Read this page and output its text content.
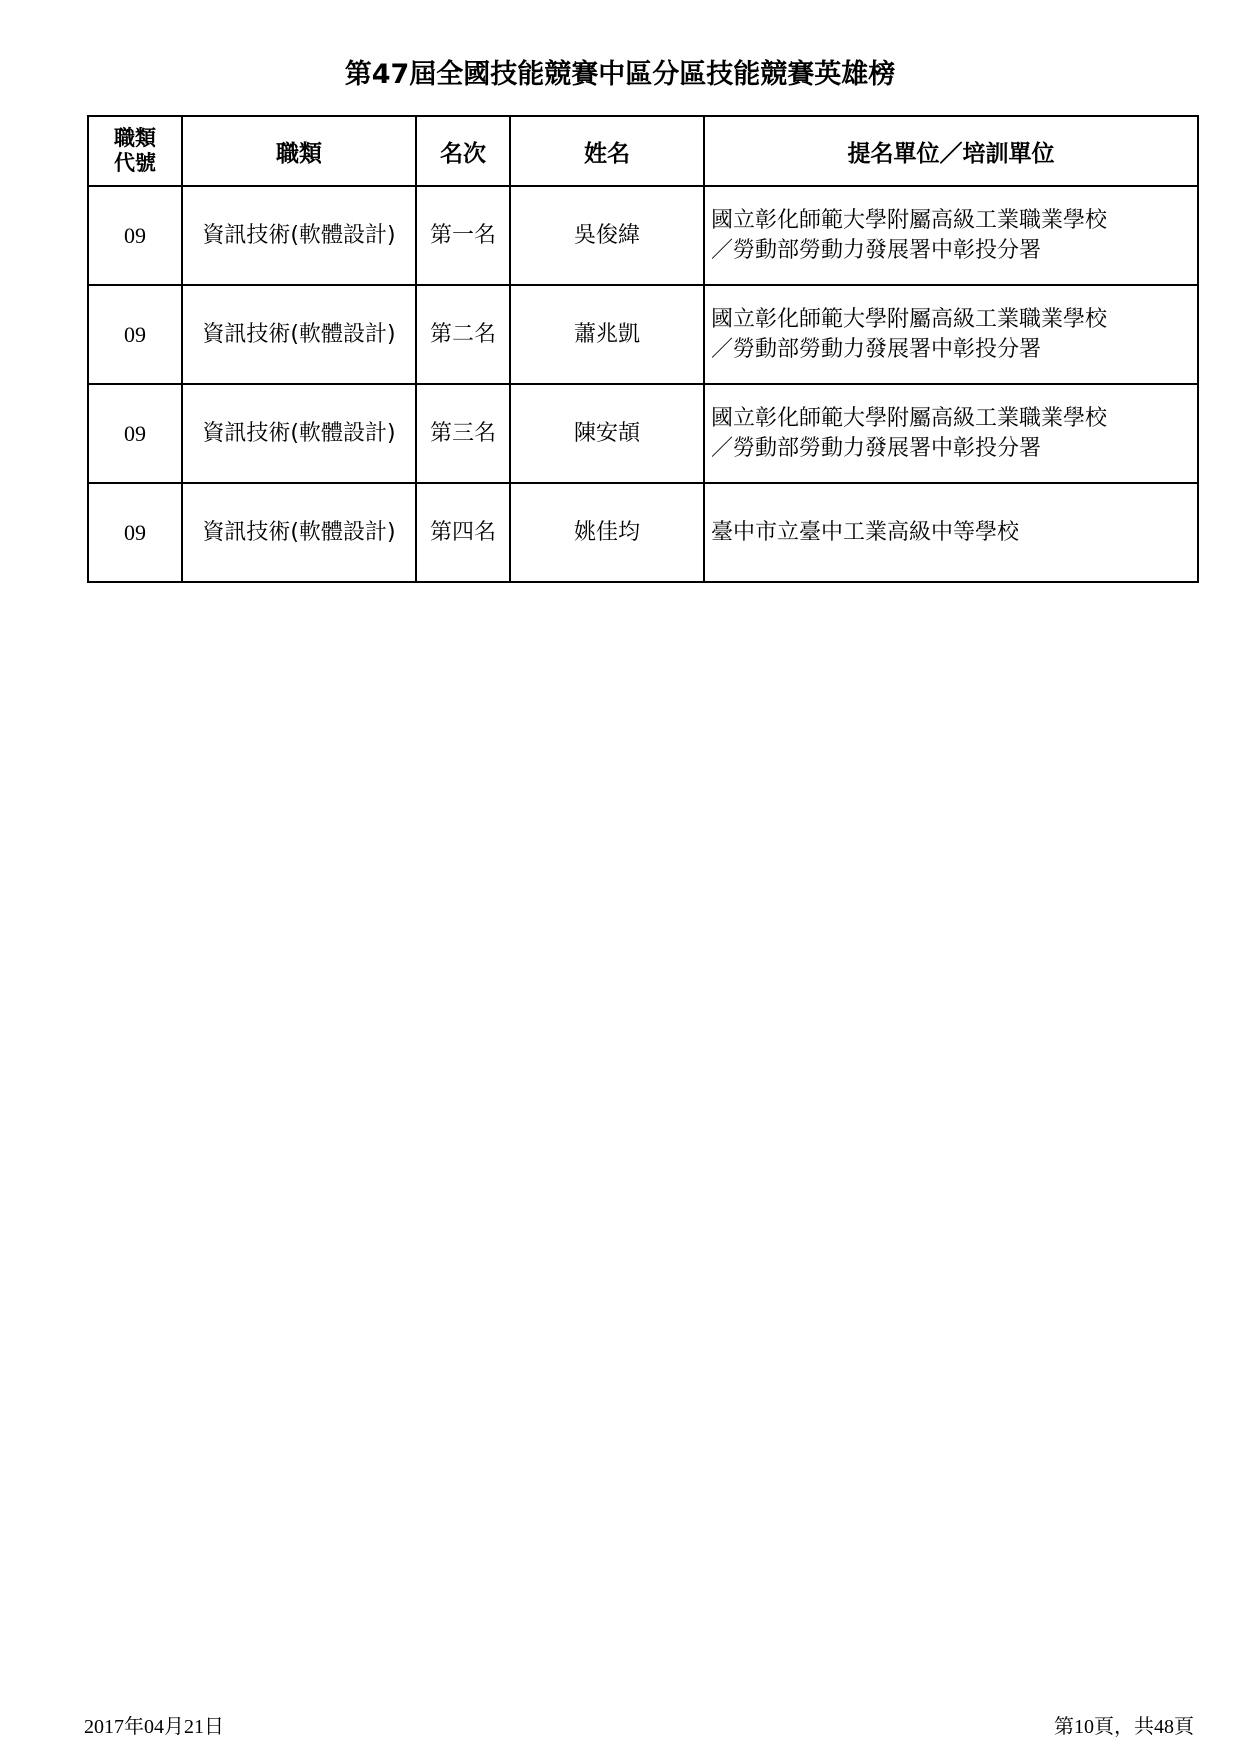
第47屆全國技能競賽中區分區技能競賽英雄榜
職類
代號	職類	名次	姓名	提名單位／培訓單位
09	資訊技術(軟體設計)	第一名	吳俊緯	國立彰化師範大學附屬高級工業職業學校
／勞動部勞動力發展署中彰投分署

09	資訊技術(軟體設計)	第二名	蕭兆凱	國立彰化師範大學附屬高級工業職業學校
／勞動部勞動力發展署中彰投分署

09	資訊技術(軟體設計)	第三名	陳安頡	國立彰化師範大學附屬高級工業職業學校
／勞動部勞動力發展署中彰投分署

09	資訊技術(軟體設計)	第四名	姚佳均	臺中市立臺中工業高級中等學校
2017年04月21日	第10頁，共48頁
